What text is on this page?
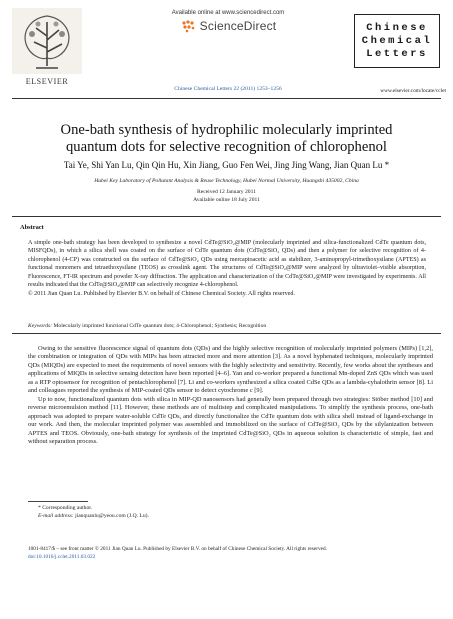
Available online at www.sciencedirect.com
ScienceDirect
Chinese Chemical Letters 22 (2011) 1253–1256
ELSEVIER
Chinese
Chemical
Letters
www.elsevier.com/locate/cclet
One-bath synthesis of hydrophilic molecularly imprinted
quantum dots for selective recognition of chlorophenol
Tai Ye, Shi Yan Lu, Qin Qin Hu, Xin Jiang, Guo Fen Wei, Jing Jing Wang, Jian Quan Lu *
Hubei Key Laboratory of Pollutant Analysis & Reuse Technology, Hubei Normal University, Huangshi 435002, China
Received 12 January 2011
Available online 18 July 2011
Abstract
A simple one-bath strategy has been developed to synthesize a novel CdTe@SiO₂@MIP (molecularly imprinted and silica-functionalized CdTe quantum dots, MISFQDs), in which a silica shell was coated on the surface of CdTe quantum dots (CdTe@SiO₂ QDs) and then a polymer for selective recognition of 4-chlorophenol (4-CP) was constructed on the surface of CdTe@SiO₂ QDs using mercaptoacetic acid as stabilizer, 3-aminopropyl-trimethoxysilane (APTES) as functional monomers and tetraethoxysilane (TEOS) as crosslink agent. The structures of CdTe@SiO₂@MIP were analyzed by ultraviolet–visible absorption, Fluorescence, FT-IR spectrum and powder X-ray diffraction. The application and characterization of the CdTe@SiO₂@MIP were investigated by experiments. All results indicated that the CdTe@SiO₂@MIP can selectively recognize 4-chlorophenol.
© 2011 Jian Quan Lu. Published by Elsevier B.V. on behalf of Chinese Chemical Society. All rights reserved.
Keywords: Molecularly imprinted functional CdTe quantum dots; 4-Chlorophenol; Synthesis; Recognition

Owing to the sensitive fluorescence signal of quantum dots (QDs) and the highly selective recognition of molecularly imprinted polymers (MIPs) [1,2], the combination or integration of QDs with MIPs has been attracted more and more attention [3]. As a novel hyphenated techniques, molecularly imprinted QDs (MIQDs) are expected to meet the requirements of novel sensors with the highly selectivity and sensitivity. Recently, few works about the syntheses and applications of MIQDs in selective sensing detection have been reported [4–6]. Yan and co-worker prepared a functional Mn-doped ZnS QDs which was used as a RTP optosensor for recognition of pentachlorophenol [7]. Li and co-workers synthesized a silica coated CdSe QDs as a lambda-cyhalothrin sensor [8]. Li and colleagues reported the synthesis of MIP-coated QDs sensor to detect cytochrome c [9].

Up to now, functionalized quantum dots with silica in MIP-QD nanosensors had generally been prepared through two strategies: Stöber method [10] and reverse microemulsion method [11]. However, these methods are of multistep and complicated manipulations. To simplify the synthesis process, one-bath approach was adopted to prepare water-soluble CdTe QDs, and directly functionalize the CdTe quantum dots with silica shell instead of ligand-exchange in our work. And then, the molecular imprinted polymer was assembled and immobilized on the surface of CdTe@SiO₂ QDs by the silylanization between APTES and TEOS. Obviously, one-bath strategy for synthesis of the imprinted CdTe@SiO₂ QDs in aqueous solution is characteristic of simple, fast and without separation process.

* Corresponding author.
E-mail address: jianquanlu@yeou.com (J.Q. Lu).
1001-8417/$ – see front matter © 2011 Jian Quan Lu. Published by Elsevier B.V. on behalf of Chinese Chemical Society. All rights reserved.
doi:10.1016/j.cclet.2011.03.022
